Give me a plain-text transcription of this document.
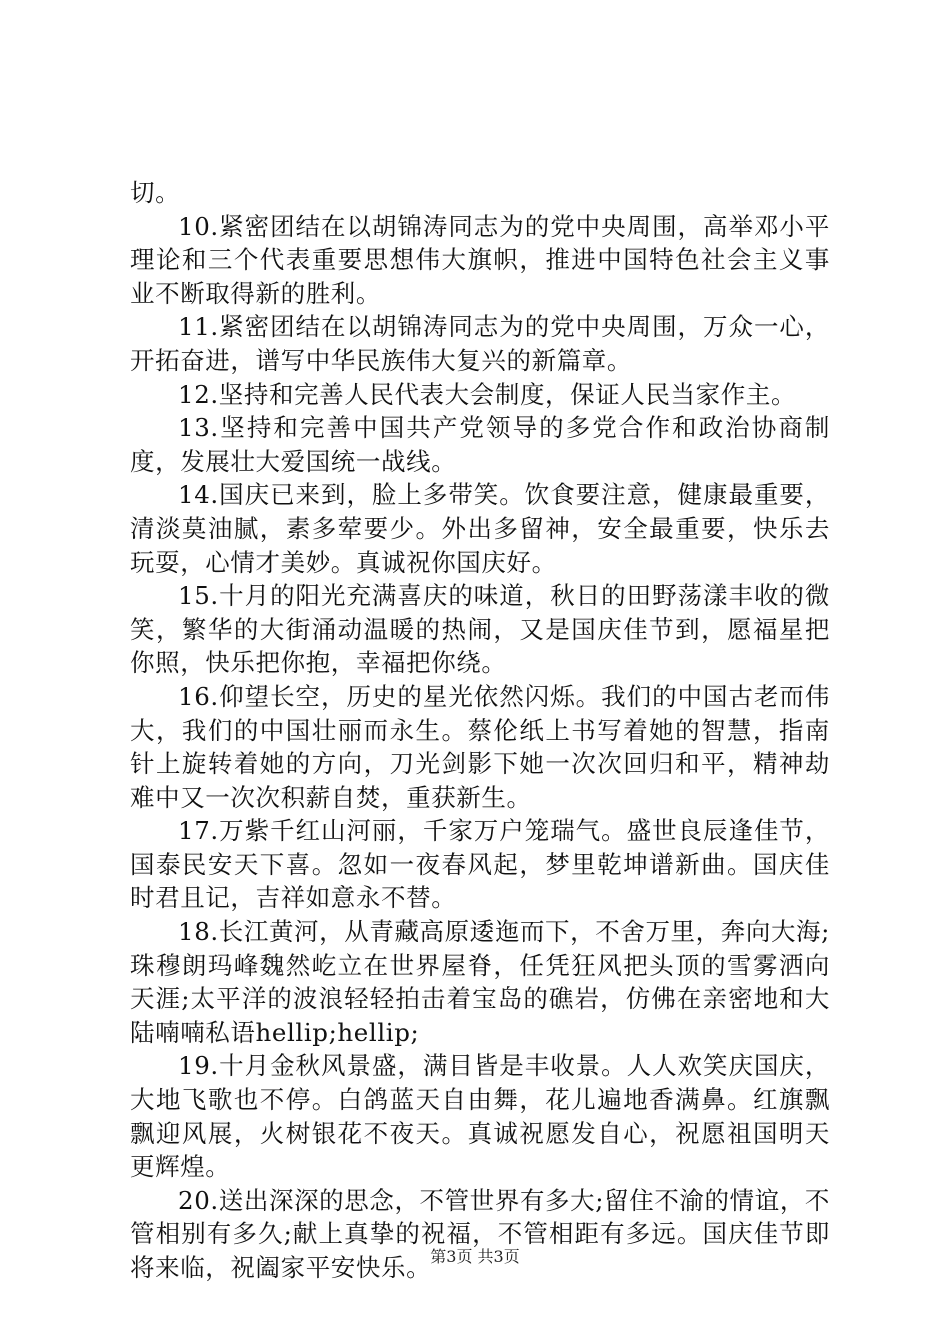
切。

10.紧密团结在以胡锦涛同志为的党中央周围，高举邓小平理论和三个代表重要思想伟大旗帜，推进中国特色社会主义事业不断取得新的胜利。

11.紧密团结在以胡锦涛同志为的党中央周围，万众一心，开拓奋进，谱写中华民族伟大复兴的新篇章。

12.坚持和完善人民代表大会制度，保证人民当家作主。

13.坚持和完善中国共产党领导的多党合作和政治协商制度，发展壮大爱国统一战线。

14.国庆已来到，脸上多带笑。饮食要注意，健康最重要，清淡莫油腻，素多荤要少。外出多留神，安全最重要，快乐去玩耍，心情才美妙。真诚祝你国庆好。

15.十月的阳光充满喜庆的味道，秋日的田野荡漾丰收的微笑，繁华的大街涌动温暖的热闹，又是国庆佳节到，愿福星把你照，快乐把你抱，幸福把你绕。

16.仰望长空，历史的星光依然闪烁。我们的中国古老而伟大，我们的中国壮丽而永生。蔡伦纸上书写着她的智慧，指南针上旋转着她的方向，刀光剑影下她一次次回归和平，精神劫难中又一次次积薪自焚，重获新生。

17.万紫千红山河丽，千家万户笼瑞气。盛世良辰逢佳节，国泰民安天下喜。忽如一夜春风起，梦里乾坤谱新曲。国庆佳时君且记，吉祥如意永不替。

18.长江黄河，从青藏高原逶迤而下，不舍万里，奔向大海;珠穆朗玛峰魏然屹立在世界屋脊，任凭狂风把头顶的雪雾洒向天涯;太平洋的波浪轻轻拍击着宝岛的礁岩，仿佛在亲密地和大陆喃喃私语hellip;hellip;

19.十月金秋风景盛，满目皆是丰收景。人人欢笑庆国庆，大地飞歌也不停。白鸽蓝天自由舞，花儿遍地香满鼻。红旗飘飘迎风展，火树银花不夜天。真诚祝愿发自心，祝愿祖国明天更辉煌。

20.送出深深的思念，不管世界有多大;留住不渝的情谊，不管相别有多久;献上真挚的祝福，不管相距有多远。国庆佳节即将来临，祝阖家平安快乐。 第3页 共3页
